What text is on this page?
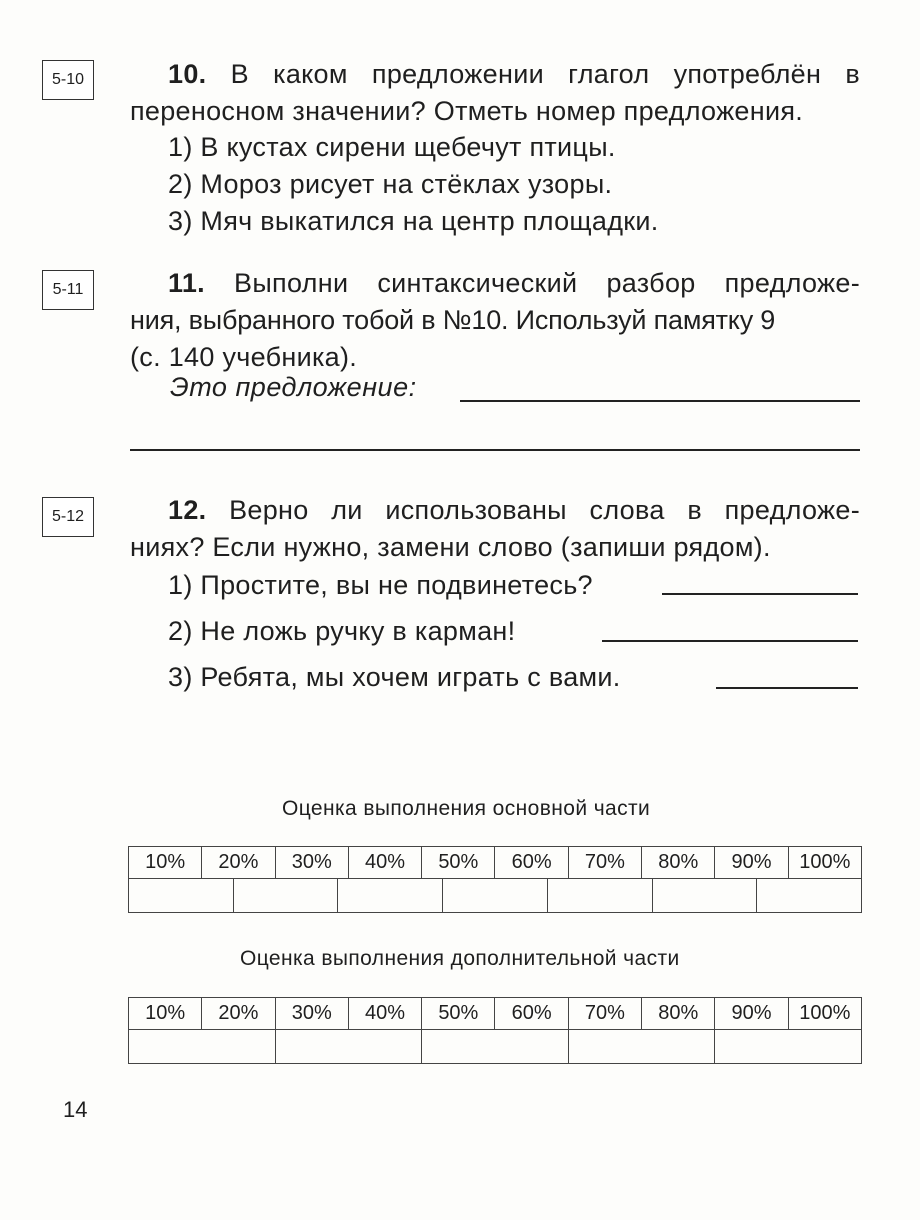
5-10
5-11
5-12
10. В каком предложении глагол употреблён в
переносном значении? Отметь номер предложения.
1) В кустах сирени щебечут птицы.
2) Мороз рисует на стёклах узоры.
3) Мяч выкатился на центр площадки.
11. Выполни синтаксический разбор предложе-
ния, выбранного тобой в №10. Используй памятку 9
(с. 140 учебника).
Это предложение:
12. Верно ли использованы слова в предложе-
ниях? Если нужно, замени слово (запиши рядом).
1) Простите, вы не подвинетесь?
2) Не ложь ручку в карман!
3) Ребята, мы хочем играть с вами.
Оценка выполнения основной части
10%	20%	30%	40%	50%	60%	70%	80%	90%	100%

Оценка выполнения дополнительной части
10%	20%	30%	40%	50%	60%	70%	80%	90%	100%

14
